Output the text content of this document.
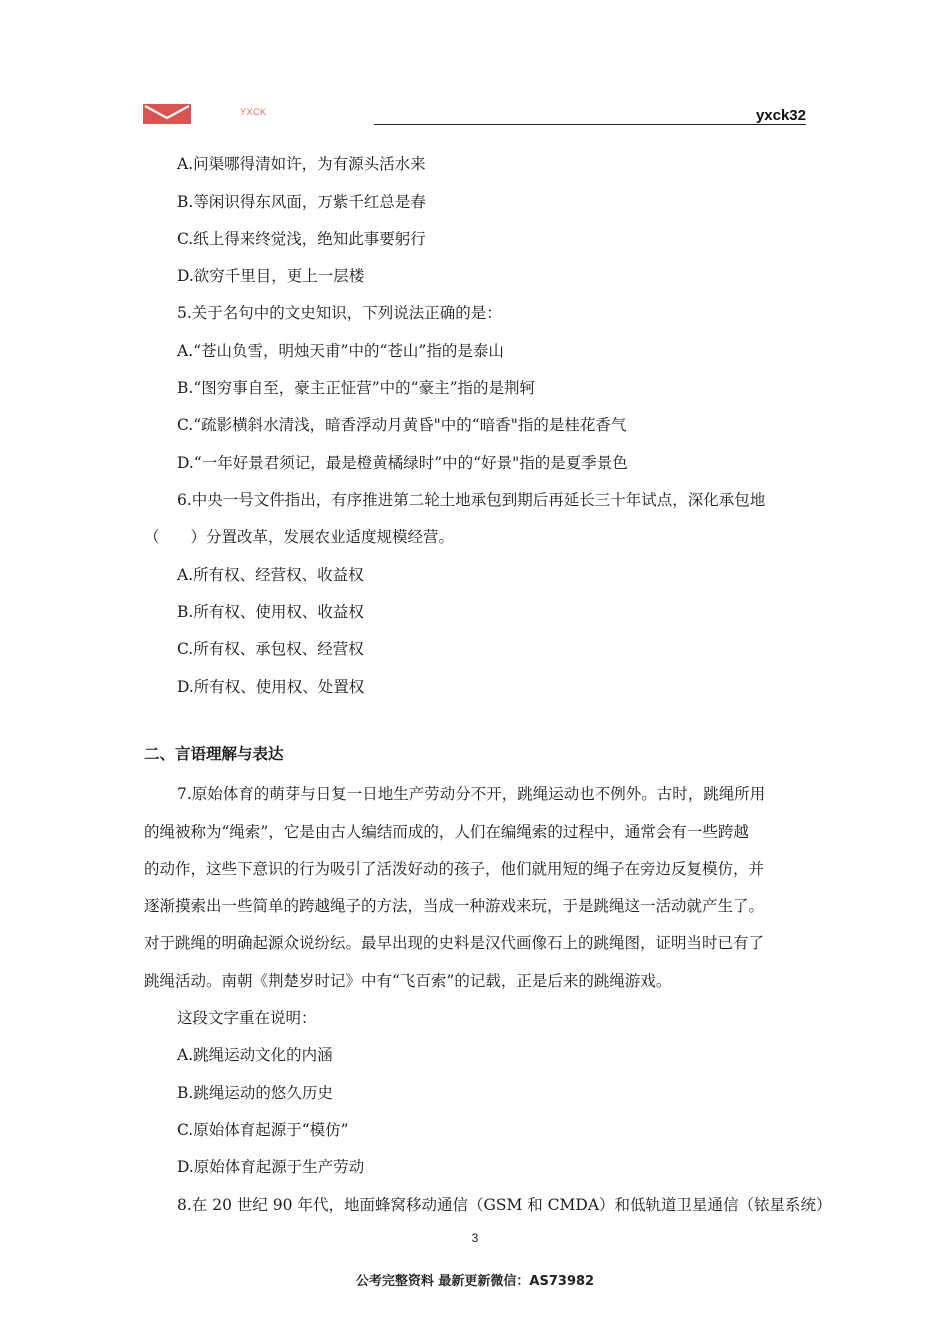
YXCK	yxck32
A.问渠哪得清如许，为有源头活水来
B.等闲识得东风面，万紫千红总是春
C.纸上得来终觉浅，绝知此事要躬行
D.欲穷千里目，更上一层楼
5.关于名句中的文史知识，下列说法正确的是：
A.“苍山负雪，明烛天甫”中的“苍山”指的是泰山
B.“图穷事自至，豪主正怔营”中的“豪主”指的是荆轲
C.“疏影横斜水清浅，暗香浮动月黄昏"中的“暗香"指的是桂花香气
D.“一年好景君须记，最是橙黄橘绿时”中的“好景"指的是夏季景色
6.中央一号文件指出，有序推进第二轮土地承包到期后再延长三十年试点，深化承包地
（　　）分置改革，发展农业适度规模经营。
A.所有权、经营权、收益权
B.所有权、使用权、收益权
C.所有权、承包权、经营权
D.所有权、使用权、处置权
二、言语理解与表达
7.原始体育的萌芽与日复一日地生产劳动分不开，跳绳运动也不例外。古时，跳绳所用
的绳被称为“绳索”，它是由古人编结而成的，人们在编绳索的过程中，通常会有一些跨越
的动作，这些下意识的行为吸引了活泼好动的孩子，他们就用短的绳子在旁边反复模仿，并
逐渐摸索出一些简单的跨越绳子的方法，当成一种游戏来玩，于是跳绳这一活动就产生了。
对于跳绳的明确起源众说纷纭。最早出现的史料是汉代画像石上的跳绳图，证明当时已有了
跳绳活动。南朝《荆楚岁时记》中有“飞百索”的记载，正是后来的跳绳游戏。
这段文字重在说明：
A.跳绳运动文化的内涵
B.跳绳运动的悠久历史
C.原始体育起源于“模仿”
D.原始体育起源于生产劳动
8.在 20 世纪 90 年代，地面蜂窝移动通信（GSM 和 CMDA）和低轨道卫星通信（铱星系统）
3
公考完整资料 最新更新微信：AS73982
